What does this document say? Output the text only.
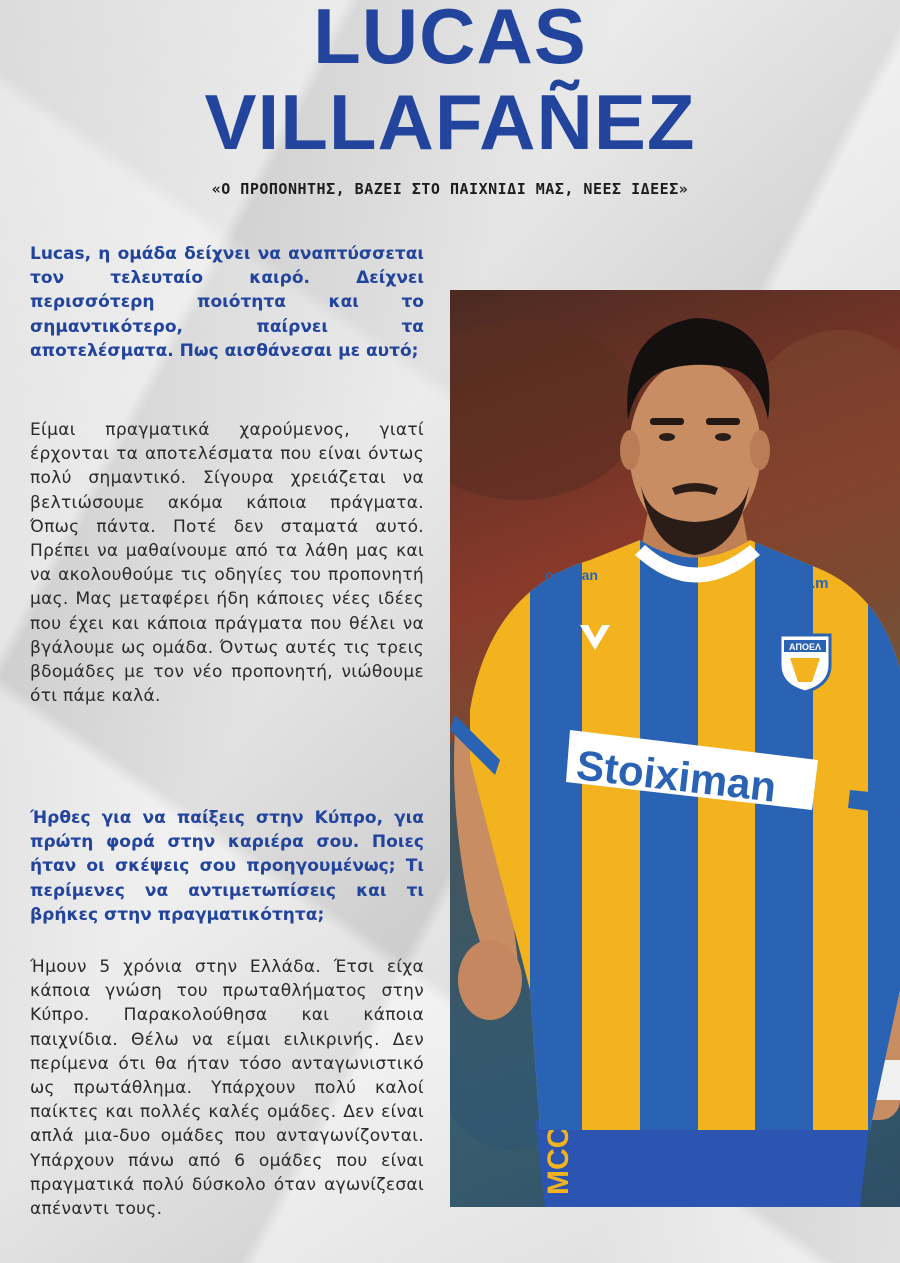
LUCAS
VILLAFAÑEZ
«Ο ΠΡΟΠΟΝΗΤΗΣ, ΒΑΖΕΙ ΣΤΟ ΠΑΙΧΝΙΔΙ ΜΑΣ, ΝΕΕΣ ΙΔΕΕΣ»

Lucas, η ομάδα δείχνει να αναπτύσσεται τον τελευταίο καιρό. Δείχνει περισσότερη ποιότητα και το σημαντικότερο, παίρνει τα αποτελέσματα. Πως αισθάνεσαι με αυτό;

Είμαι πραγματικά χαρούμενος, γιατί έρχονται τα αποτελέσματα που είναι όντως πολύ σημαντικό. Σίγουρα χρειάζεται να βελτιώσουμε ακόμα κάποια πράγματα. Όπως πάντα. Ποτέ δεν σταματά αυτό. Πρέπει να μαθαίνουμε από τα λάθη μας και να ακολουθούμε τις οδηγίες του προπονητή μας. Μας μεταφέρει ήδη κάποιες νέες ιδέες που έχει και κάποια πράγματα που θέλει να βγάλουμε ως ομάδα. Όντως αυτές τις τρεις βδομάδες με τον νέο προπονητή, νιώθουμε ότι πάμε καλά.

Ήρθες για να παίξεις στην Κύπρο, για πρώτη φορά στην καριέρα σου. Ποιες ήταν οι σκέψεις σου προηγουμένως; Τι περίμενες να αντιμετωπίσεις και τι βρήκες στην πραγματικότητα;

Ήμουν 5 χρόνια στην Ελλάδα. Έτσι είχα κάποια γνώση του πρωταθλήματος στην Κύπρο. Παρακολούθησα και κάποια παιχνίδια. Θέλω να είμαι ειλικρινής. Δεν περίμενα ότι θα ήταν τόσο ανταγωνιστικό ως πρωτάθλημα. Υπάρχουν πολύ καλοί παίκτες και πολλές καλές ομάδες. Δεν είναι απλά μια-δυο ομάδες που ανταγωνίζονται. Υπάρχουν πάνω από 6 ομάδες που είναι πραγματικά πολύ δύσκολο όταν αγωνίζεσαι απέναντι τους.

MCC
ostavan	G.u.m
ΑΠΟΕΛ
Stoiximan
